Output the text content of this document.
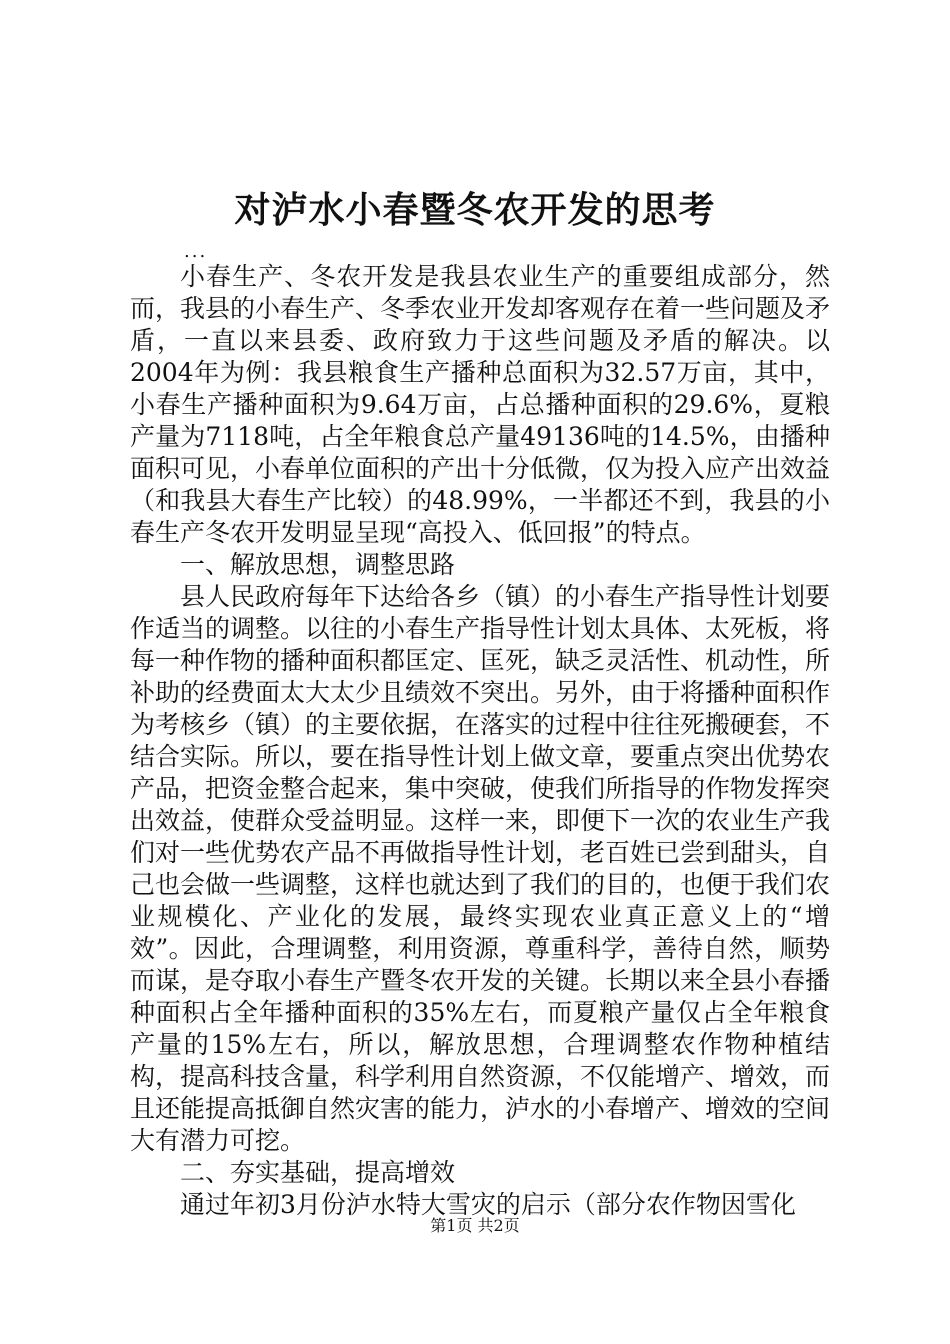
对泸水小春暨冬农开发的思考
...

小春生产、冬农开发是我县农业生产的重要组成部分，然而，我县的小春生产、冬季农业开发却客观存在着一些问题及矛盾，一直以来县委、政府致力于这些问题及矛盾的解决。以2004年为例：我县粮食生产播种总面积为32.57万亩，其中，小春生产播种面积为9.64万亩，占总播种面积的29.6%，夏粮产量为7118吨，占全年粮食总产量49136吨的14.5%，由播种面积可见，小春单位面积的产出十分低微，仅为投入应产出效益（和我县大春生产比较）的48.99%，一半都还不到，我县的小春生产冬农开发明显呈现“高投入、低回报”的特点。

一、解放思想，调整思路

县人民政府每年下达给各乡（镇）的小春生产指导性计划要作适当的调整。以往的小春生产指导性计划太具体、太死板，将每一种作物的播种面积都匡定、匡死，缺乏灵活性、机动性，所补助的经费面太大太少且绩效不突出。另外，由于将播种面积作为考核乡（镇）的主要依据，在落实的过程中往往死搬硬套，不结合实际。所以，要在指导性计划上做文章，要重点突出优势农产品，把资金整合起来，集中突破，使我们所指导的作物发挥突出效益，使群众受益明显。这样一来，即便下一次的农业生产我们对一些优势农产品不再做指导性计划，老百姓已尝到甜头，自己也会做一些调整，这样也就达到了我们的目的，也便于我们农业规模化、产业化的发展，最终实现农业真正意义上的“增效”。因此，合理调整，利用资源，尊重科学，善待自然，顺势而谋，是夺取小春生产暨冬农开发的关键。长期以来全县小春播种面积占全年播种面积的35%左右，而夏粮产量仅占全年粮食产量的15%左右，所以，解放思想，合理调整农作物种植结构，提高科技含量，科学利用自然资源，不仅能增产、增效，而且还能提高抵御自然灾害的能力，泸水的小春增产、增效的空间大有潜力可挖。

二、夯实基础，提高增效

通过年初3月份泸水特大雪灾的启示（部分农作物因雪化

第1页 共2页
